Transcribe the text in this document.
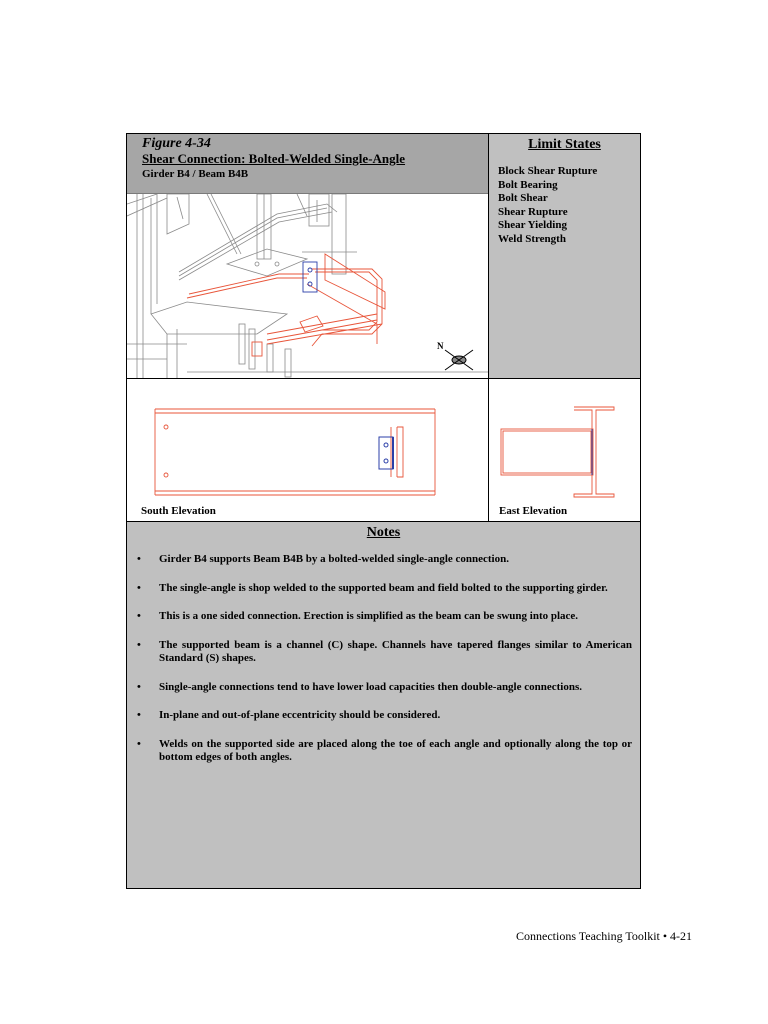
Figure 4-34
Shear Connection: Bolted-Welded Single-Angle
Girder B4 / Beam B4B
N
Limit States
Block Shear Rupture
Bolt Bearing
Bolt Shear
Shear Rupture
Shear Yielding
Weld Strength
South Elevation	East Elevation
Notes
• Girder B4 supports Beam B4B by a bolted-welded single-angle connection.
• The single-angle is shop welded to the supported beam and field bolted to the supporting girder.
• This is a one sided connection. Erection is simplified as the beam can be swung into place.
• The supported beam is a channel (C) shape. Channels have tapered flanges similar to American Standard (S) shapes.
• Single-angle connections tend to have lower load capacities then double-angle connections.
• In-plane and out-of-plane eccentricity should be considered.
• Welds on the supported side are placed along the toe of each angle and optionally along the top or bottom edges of both angles.
Connections Teaching Toolkit • 4-21
